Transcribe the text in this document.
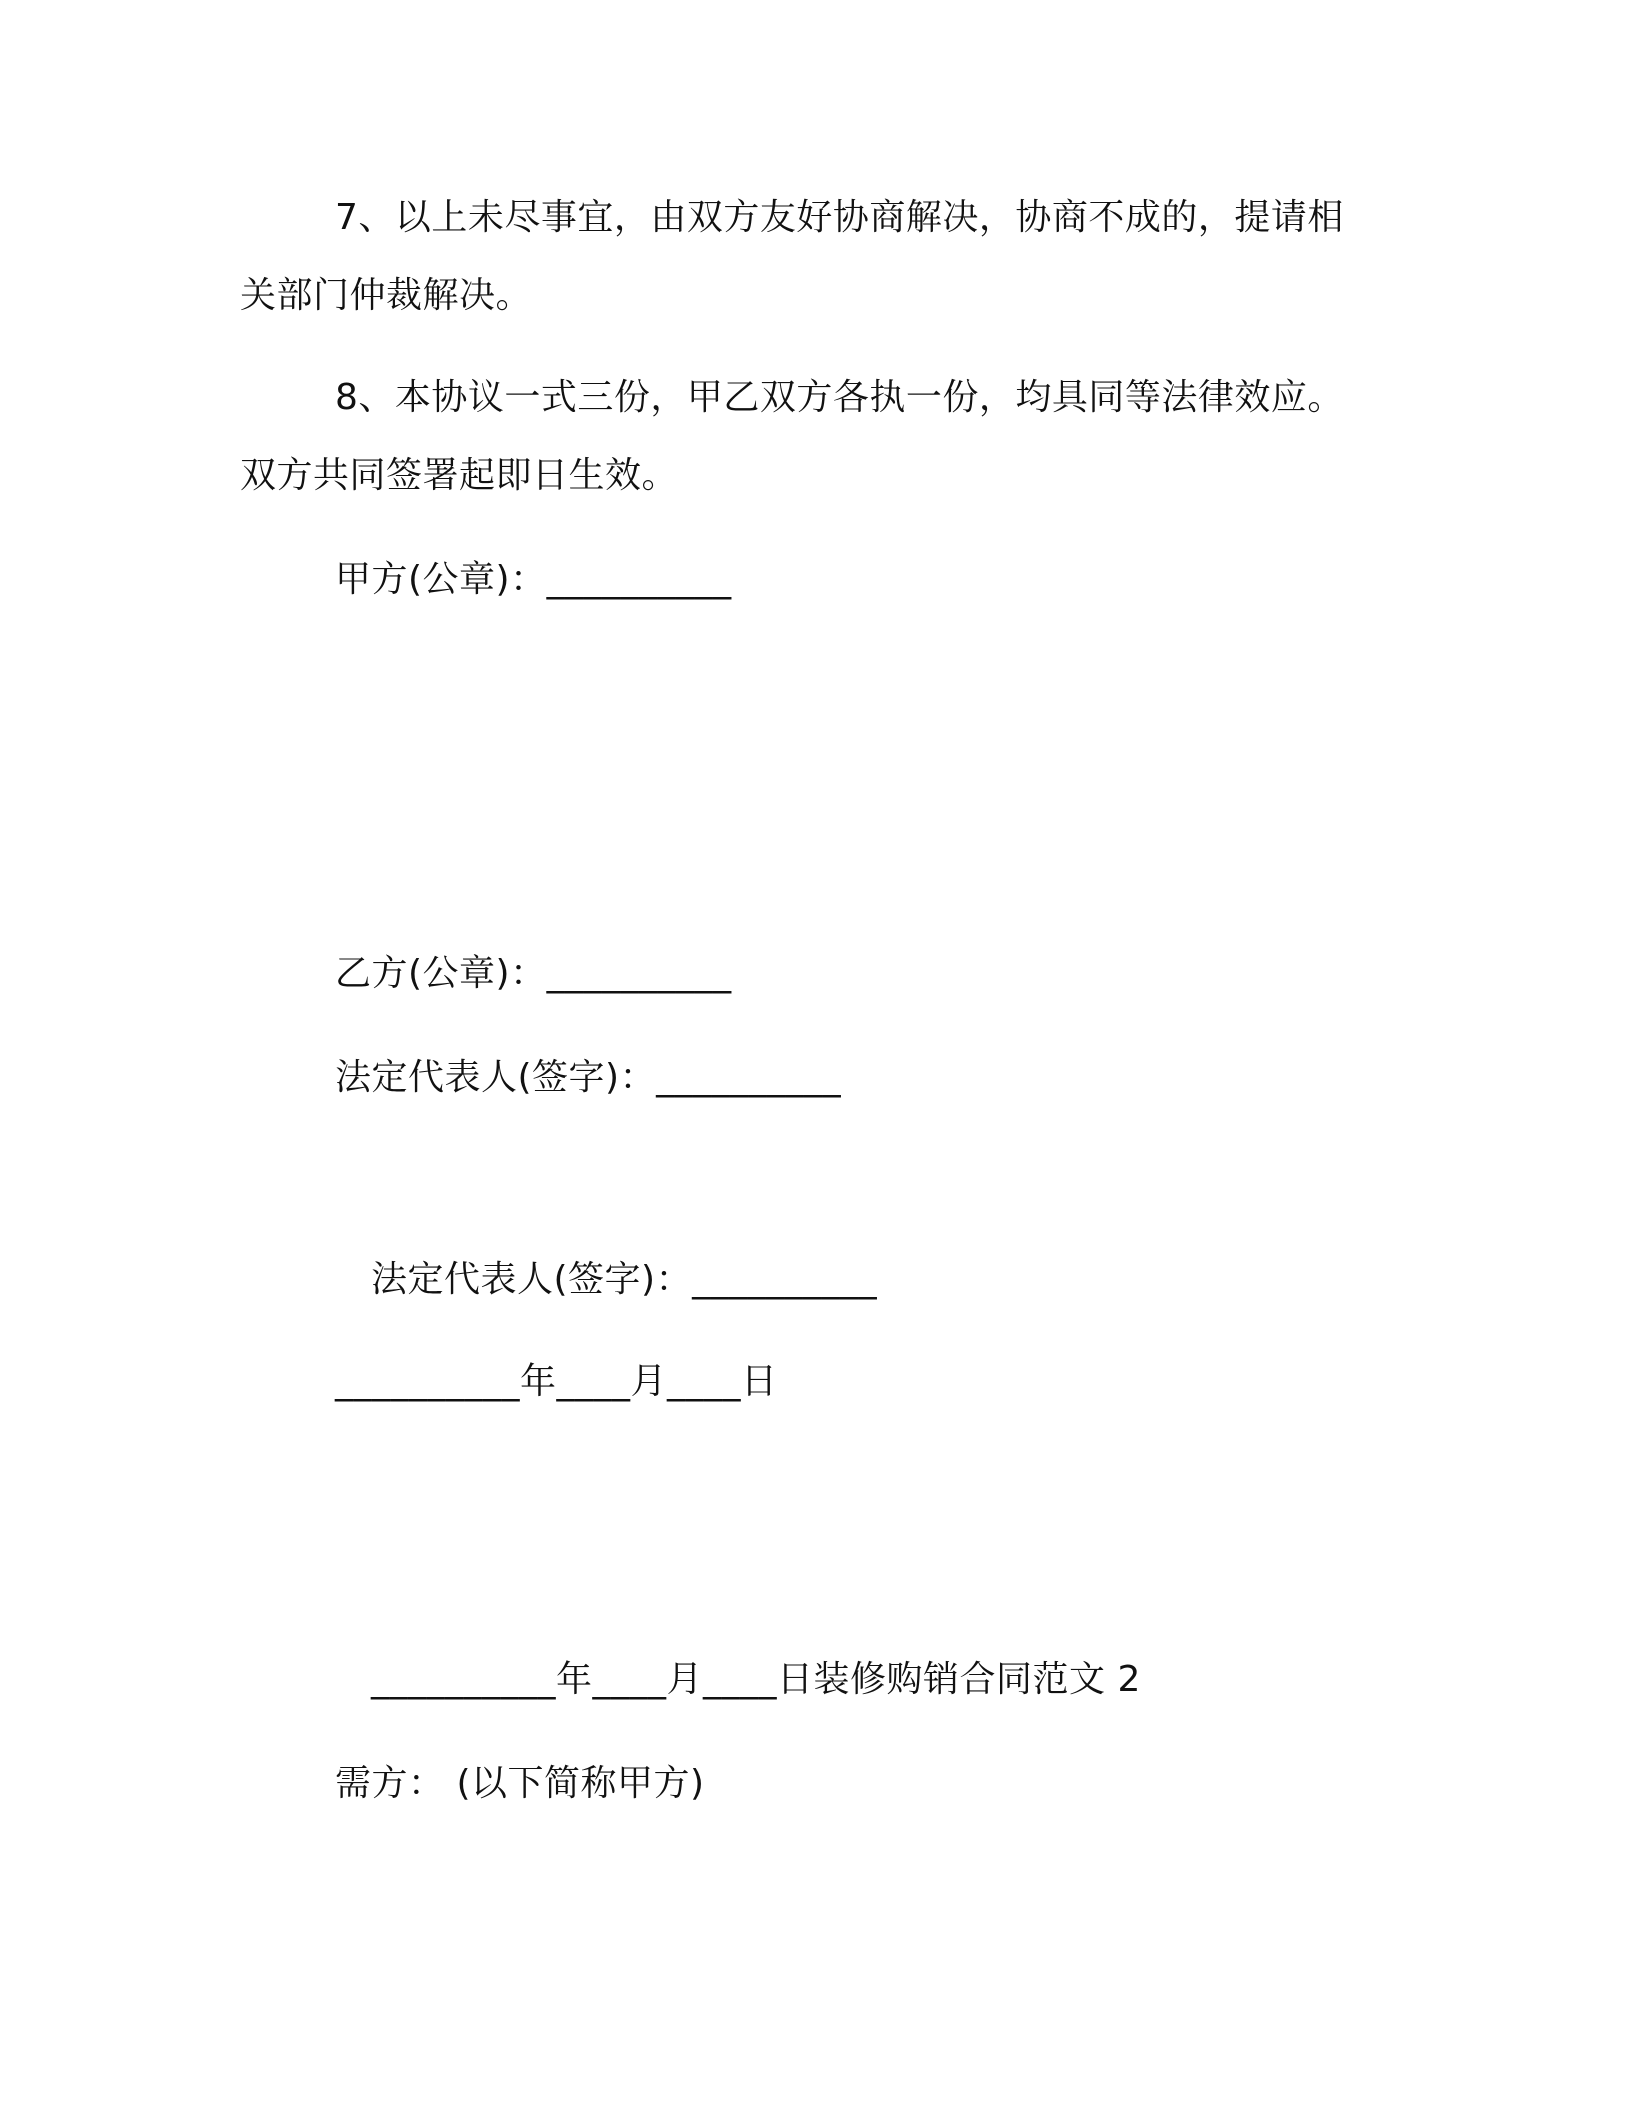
7、以上未尽事宜，由双方友好协商解决，协商不成的，提请相
关部门仲裁解决。
8、本协议一式三份，甲乙双方各执一份，均具同等法律效应。
双方共同签署起即日生效。
甲方(公章)：__________
乙方(公章)：__________
法定代表人(签字)：__________
法定代表人(签字)：__________
__________年____月____日
__________年____月____日装修购销合同范文 2
需方： (以下简称甲方)
